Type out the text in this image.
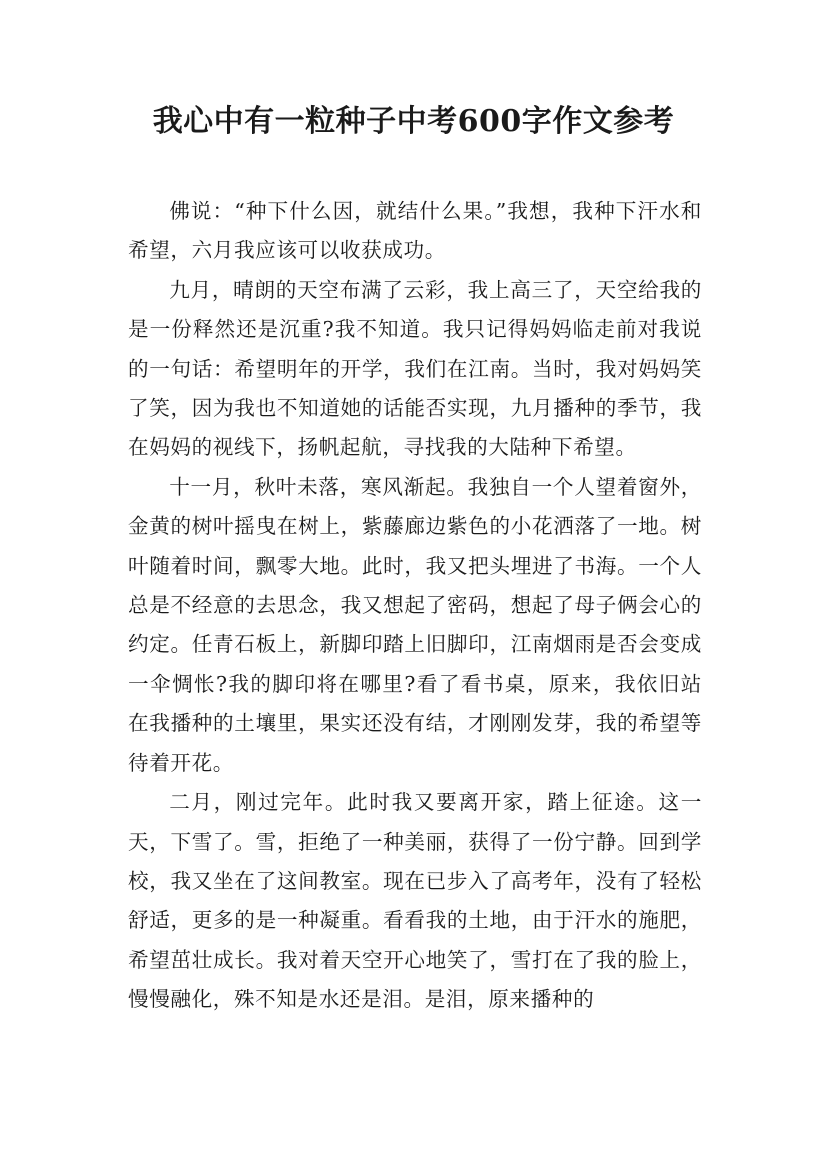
我心中有一粒种子中考600字作文参考

佛说：“种下什么因，就结什么果。”我想，我种下汗水和希望，六月我应该可以收获成功。

九月，晴朗的天空布满了云彩，我上高三了，天空给我的是一份释然还是沉重?我不知道。我只记得妈妈临走前对我说的一句话：希望明年的开学，我们在江南。当时，我对妈妈笑了笑，因为我也不知道她的话能否实现，九月播种的季节，我在妈妈的视线下，扬帆起航，寻找我的大陆种下希望。

十一月，秋叶未落，寒风渐起。我独自一个人望着窗外，金黄的树叶摇曳在树上，紫藤廊边紫色的小花洒落了一地。树叶随着时间，飘零大地。此时，我又把头埋进了书海。一个人总是不经意的去思念，我又想起了密码，想起了母子俩会心的约定。任青石板上，新脚印踏上旧脚印，江南烟雨是否会变成一伞惆怅?我的脚印将在哪里?看了看书桌，原来，我依旧站在我播种的土壤里，果实还没有结，才刚刚发芽，我的希望等待着开花。

二月，刚过完年。此时我又要离开家，踏上征途。这一天，下雪了。雪，拒绝了一种美丽，获得了一份宁静。回到学校，我又坐在了这间教室。现在已步入了高考年，没有了轻松舒适，更多的是一种凝重。看看我的土地，由于汗水的施肥，希望茁壮成长。我对着天空开心地笑了，雪打在了我的脸上，慢慢融化，殊不知是水还是泪。是泪，原来播种的
